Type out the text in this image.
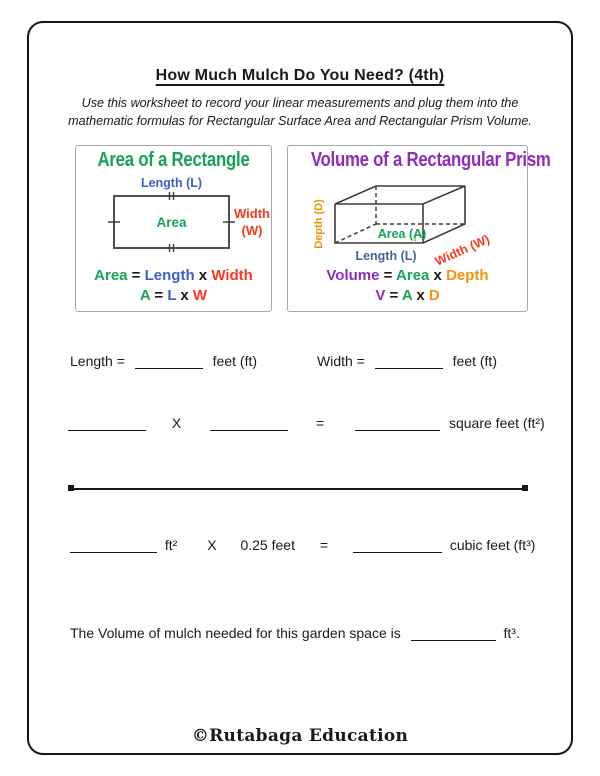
How Much Mulch Do You Need? (4th)
Use this worksheet to record your linear measurements and plug them into the
mathematic formulas for Rectangular Surface Area and Rectangular Prism Volume.
Area of a Rectangle
Length (L)
Area
Width
(W)
Area = Length x Width
A = L x W
Volume of a Rectangular Prism
Depth (D)	Area (A)
Length (L) Width (W)
Volume = Area x Depth
V = A x D
Length =	feet (ft)	Width =	feet (ft)
X	=	square feet (ft²)
ft² X 0.25 feet =	cubic feet (ft³)
The Volume of mulch needed for this garden space is	ft³.
©Rutabaga Education
